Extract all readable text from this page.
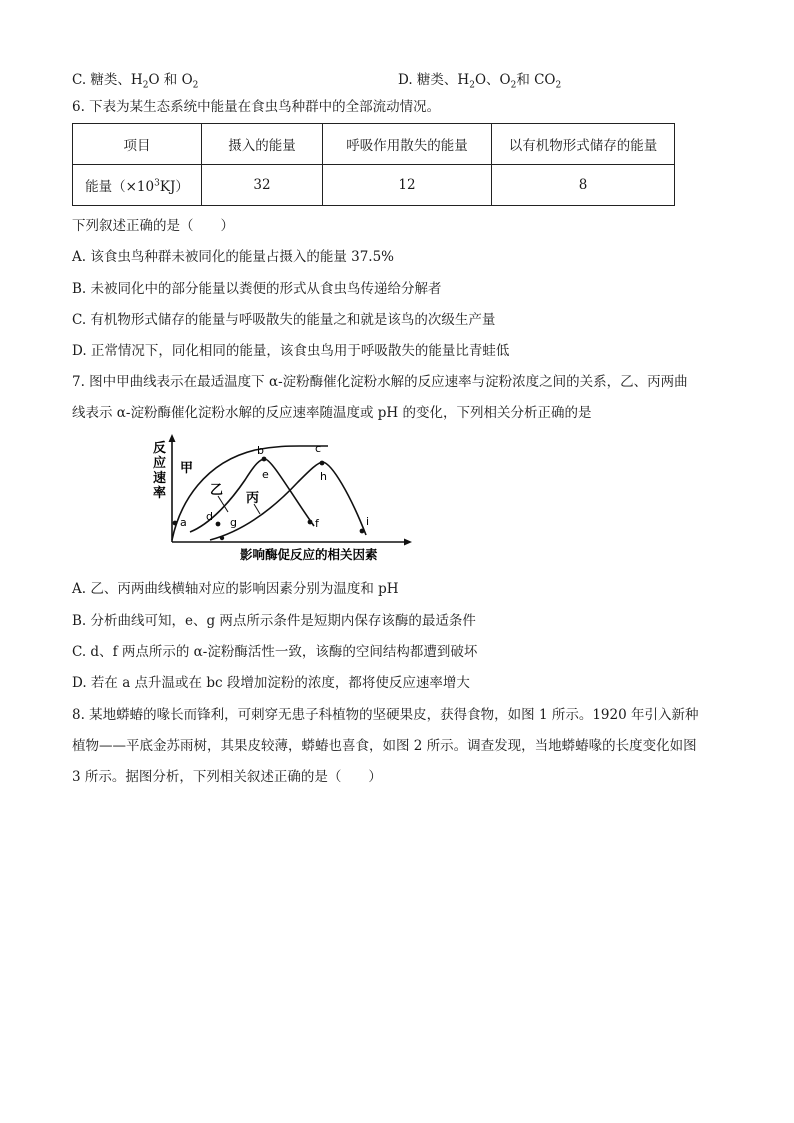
C. 糖类、$H_2O$ 和 $O_2$	D. 糖类、$H_2O$、$O_2$和 $CO_2$
6. 下表为某生态系统中能量在食虫鸟种群中的全部流动情况。
项目	摄入的能量	呼吸作用散失的能量	以有机物形式储存的能量
能量$(\times 10^3KJ)$	32	12	8
下列叙述正确的是（　　）
A. 该食虫鸟种群未被同化的能量占摄入的能量 37.5%
B. 未被同化中的部分能量以粪便的形式从食虫鸟传递给分解者
C. 有机物形式储存的能量与呼吸散失的能量之和就是该鸟的次级生产量
D. 正常情况下，同化相同的能量，该食虫鸟用于呼吸散失的能量比青蛙低
7. 图中甲曲线表示在最适温度下 α-淀粉酶催化淀粉水解的反应速率与淀粉浓度之间的关系，乙、丙两曲
线表示 α-淀粉酶催化淀粉水解的反应速率随温度或 pH 的变化，下列相关分析正确的是
反
应
速
率
影响酶促反应的相关因素
甲
乙
丙
a
b	c
h
e
d g	f	i
A. 乙、丙两曲线横轴对应的影响因素分别为温度和 pH
B. 分析曲线可知，e、g 两点所示条件是短期内保存该酶的最适条件
C. d、f 两点所示的 α-淀粉酶活性一致，该酶的空间结构都遭到破坏
D. 若在 a 点升温或在 bc 段增加淀粉的浓度，都将使反应速率增大
8. 某地蟒蝽的喙长而锋利，可刺穿无患子科植物的坚硬果皮，获得食物，如图 1 所示。1920 年引入新种
植物——平底金苏雨树，其果皮较薄，蟒蝽也喜食，如图 2 所示。调查发现，当地蟒蝽喙的长度变化如图
3 所示。据图分析，下列相关叙述正确的是（　　）
